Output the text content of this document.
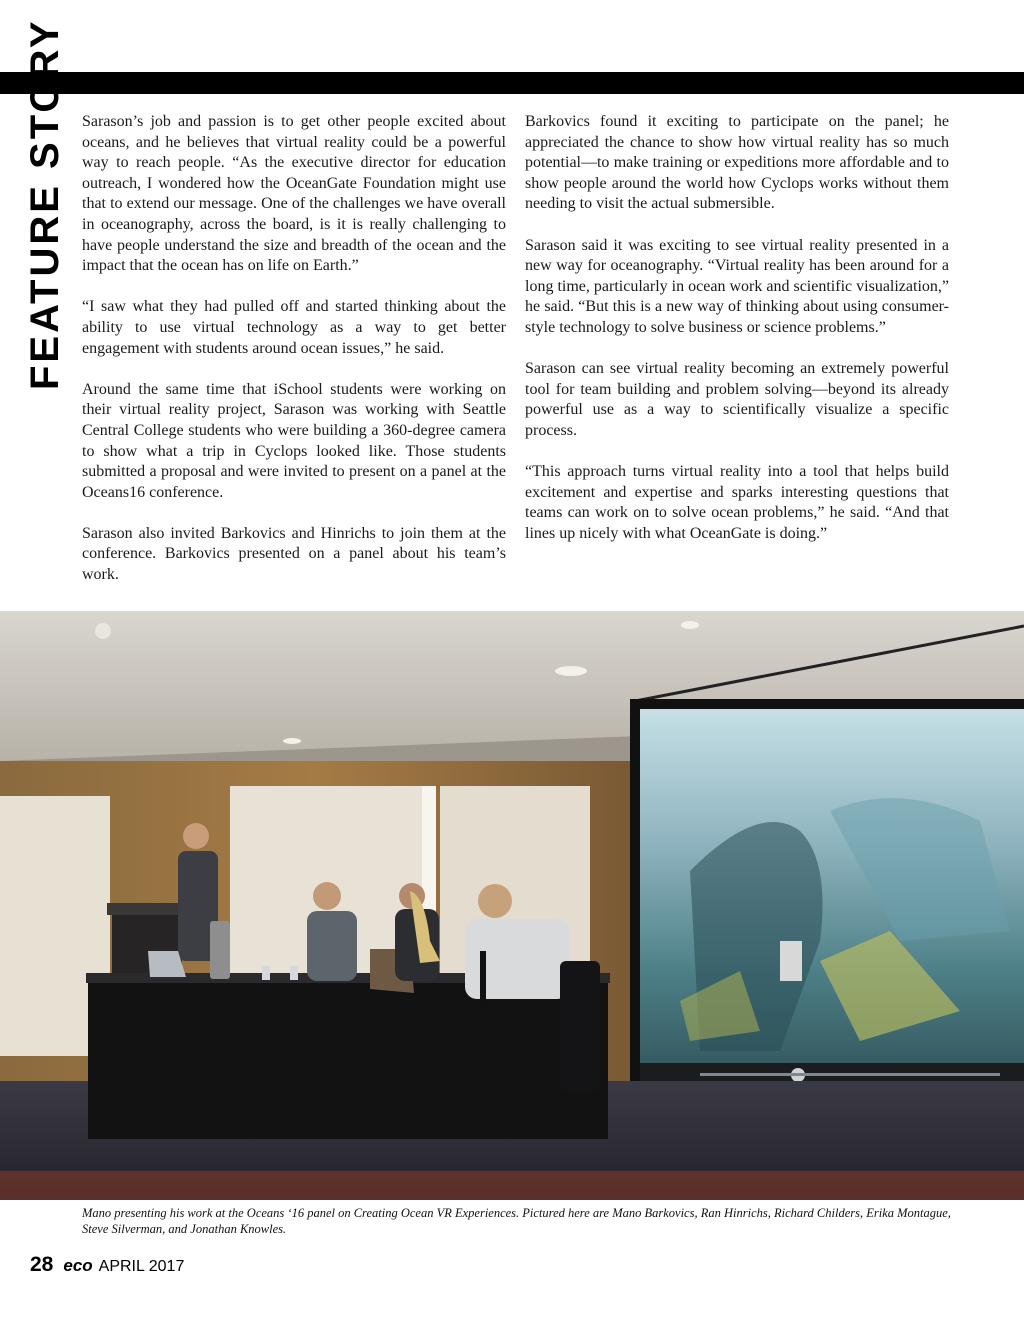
FEATURE STORY Sarason’s job and passion is to get other people excited about oceans, and he believes that virtual reality could be a powerful way to reach people. “As the executive director for education outreach, I wondered how the OceanGate Foundation might use that to extend our message. One of the challenges we have overall in oceanography, across the board, is it is really challenging to have people understand the size and breadth of the ocean and the impact that the ocean has on life on Earth.”

“I saw what they had pulled off and started thinking about the ability to use virtual technology as a way to get better engagement with students around ocean issues,” he said.

Around the same time that iSchool students were working on their virtual reality project, Sarason was working with Seattle Central College students who were building a 360-degree camera to show what a trip in Cyclops looked like. Those students submitted a proposal and were invited to present on a panel at the Oceans16 conference.

Sarason also invited Barkovics and Hinrichs to join them at the conference. Barkovics presented on a panel about his team’s work.

Barkovics found it exciting to participate on the panel; he appreciated the chance to show how virtual reality has so much potential—to make training or expeditions more affordable and to show people around the world how Cyclops works without them needing to visit the actual submersible.

Sarason said it was exciting to see virtual reality presented in a new way for oceanography. “Virtual reality has been around for a long time, particularly in ocean work and scientific visualization,” he said. “But this is a new way of thinking about using consumer-style technology to solve business or science problems.”

Sarason can see virtual reality becoming an extremely powerful tool for team building and problem solving—beyond its already powerful use as a way to scientifically visualize a specific process.

“This approach turns virtual reality into a tool that helps build excitement and expertise and sparks interesting questions that teams can work on to solve ocean problems,” he said. “And that lines up nicely with what OceanGate is doing.”

Mano presenting his work at the Oceans ‘16 panel on Creating Ocean VR Experiences. Pictured here are Mano Barkovics, Ran Hinrichs, Richard Childers, Erika Montague, Steve Silverman, and Jonathan Knowles.
28 eco APRIL 2017
